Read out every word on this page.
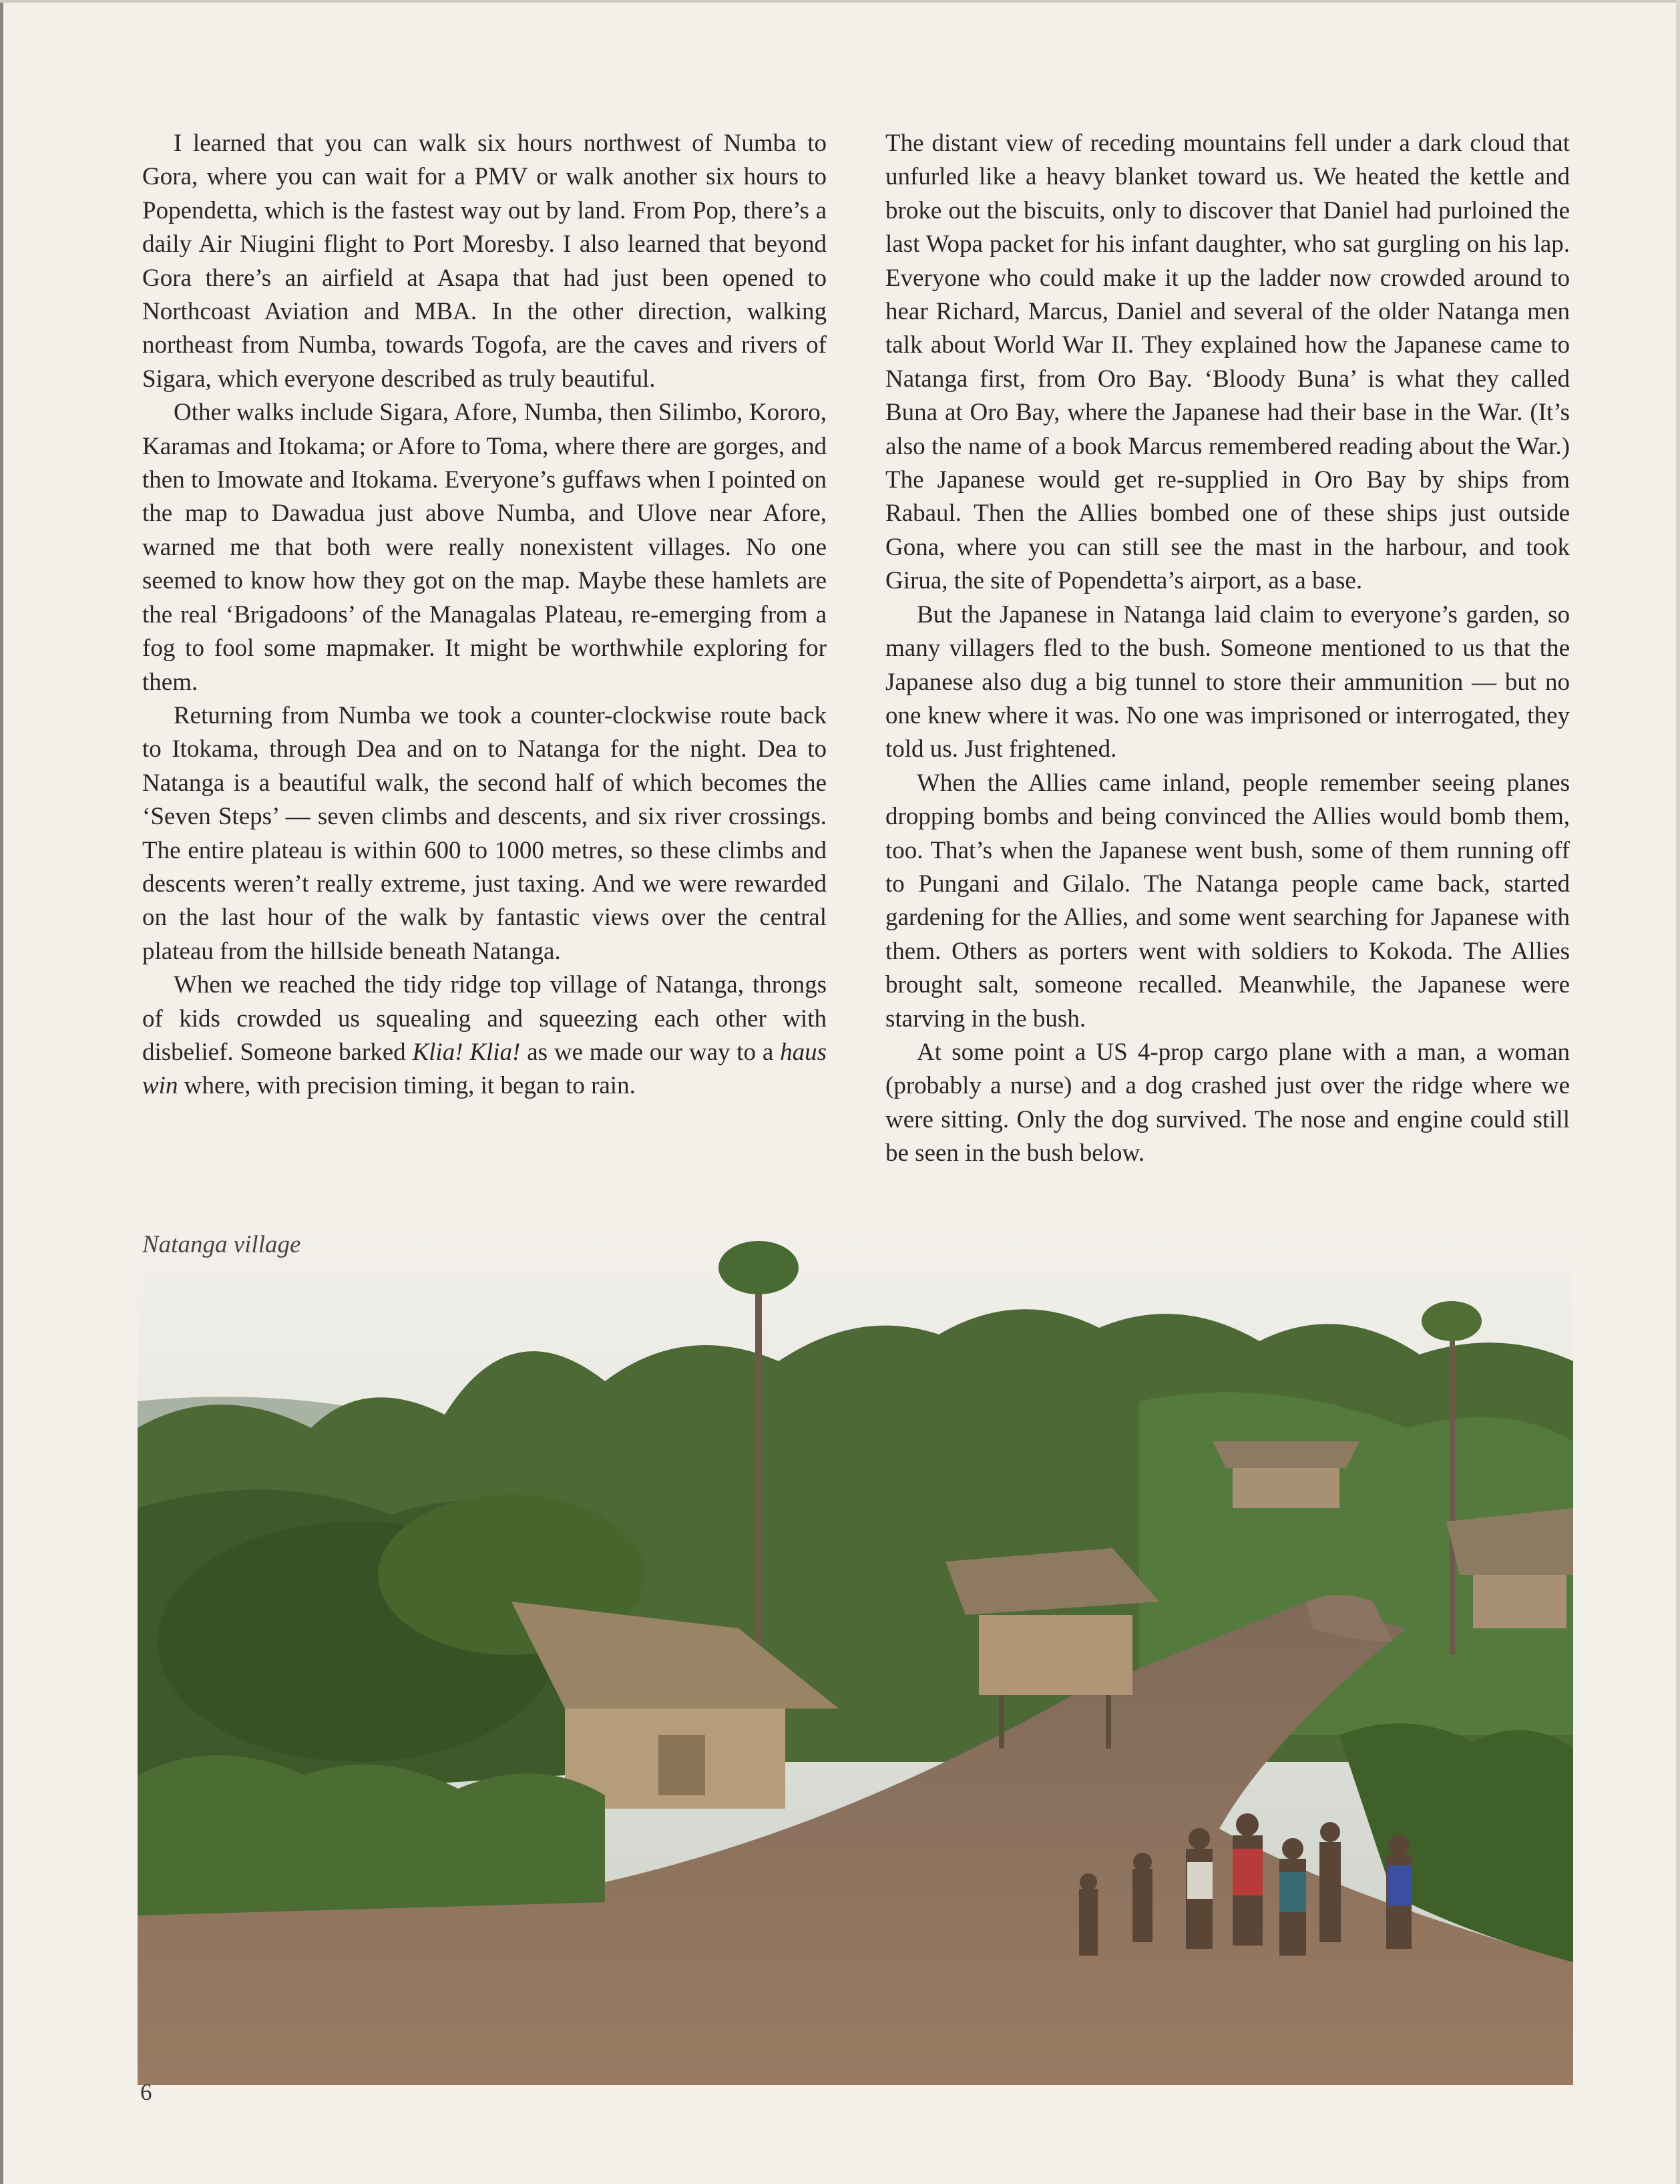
I learned that you can walk six hours northwest of Numba to Gora, where you can wait for a PMV or walk another six hours to Popendetta, which is the fastest way out by land. From Pop, there’s a daily Air Niugini flight to Port Moresby. I also learned that beyond Gora there’s an airfield at Asapa that had just been opened to Northcoast Aviation and MBA. In the other direction, walking northeast from Numba, towards Togofa, are the caves and rivers of Sigara, which everyone described as truly beautiful.

Other walks include Sigara, Afore, Numba, then Silimbo, Kororo, Karamas and Itokama; or Afore to Toma, where there are gorges, and then to Imowate and Itokama. Everyone’s guffaws when I pointed on the map to Dawadua just above Numba, and Ulove near Afore, warned me that both were really nonexistent villages. No one seemed to know how they got on the map. Maybe these hamlets are the real ‘Brigadoons’ of the Managalas Plateau, re-emerging from a fog to fool some mapmaker. It might be worthwhile exploring for them.

Returning from Numba we took a counter-clockwise route back to Itokama, through Dea and on to Natanga for the night. Dea to Natanga is a beautiful walk, the second half of which becomes the ‘Seven Steps’ — seven climbs and descents, and six river crossings. The entire plateau is within 600 to 1000 metres, so these climbs and descents weren’t really extreme, just taxing. And we were rewarded on the last hour of the walk by fantastic views over the central plateau from the hillside beneath Natanga.

When we reached the tidy ridge top village of Natanga, throngs of kids crowded us squealing and squeezing each other with disbelief. Someone barked Klia! Klia! as we made our way to a haus win where, with precision timing, it began to rain.

The distant view of receding mountains fell under a dark cloud that unfurled like a heavy blanket toward us. We heated the kettle and broke out the biscuits, only to discover that Daniel had purloined the last Wopa packet for his infant daughter, who sat gurgling on his lap. Everyone who could make it up the ladder now crowded around to hear Richard, Marcus, Daniel and several of the older Natanga men talk about World War II. They explained how the Japanese came to Natanga first, from Oro Bay. ‘Bloody Buna’ is what they called Buna at Oro Bay, where the Japanese had their base in the War. (It’s also the name of a book Marcus remembered reading about the War.) The Japanese would get re-supplied in Oro Bay by ships from Rabaul. Then the Allies bombed one of these ships just outside Gona, where you can still see the mast in the harbour, and took Girua, the site of Popendetta’s airport, as a base.

But the Japanese in Natanga laid claim to everyone’s garden, so many villagers fled to the bush. Someone mentioned to us that the Japanese also dug a big tunnel to store their ammunition — but no one knew where it was. No one was imprisoned or interrogated, they told us. Just frightened.

When the Allies came inland, people remember seeing planes dropping bombs and being convinced the Allies would bomb them, too. That’s when the Japanese went bush, some of them running off to Pungani and Gilalo. The Natanga people came back, started gardening for the Allies, and some went searching for Japanese with them. Others as porters went with soldiers to Kokoda. The Allies brought salt, someone recalled. Meanwhile, the Japanese were starving in the bush.

At some point a US 4-prop cargo plane with a man, a woman (probably a nurse) and a dog crashed just over the ridge where we were sitting. Only the dog survived. The nose and engine could still be seen in the bush below.

Natanga village
6
